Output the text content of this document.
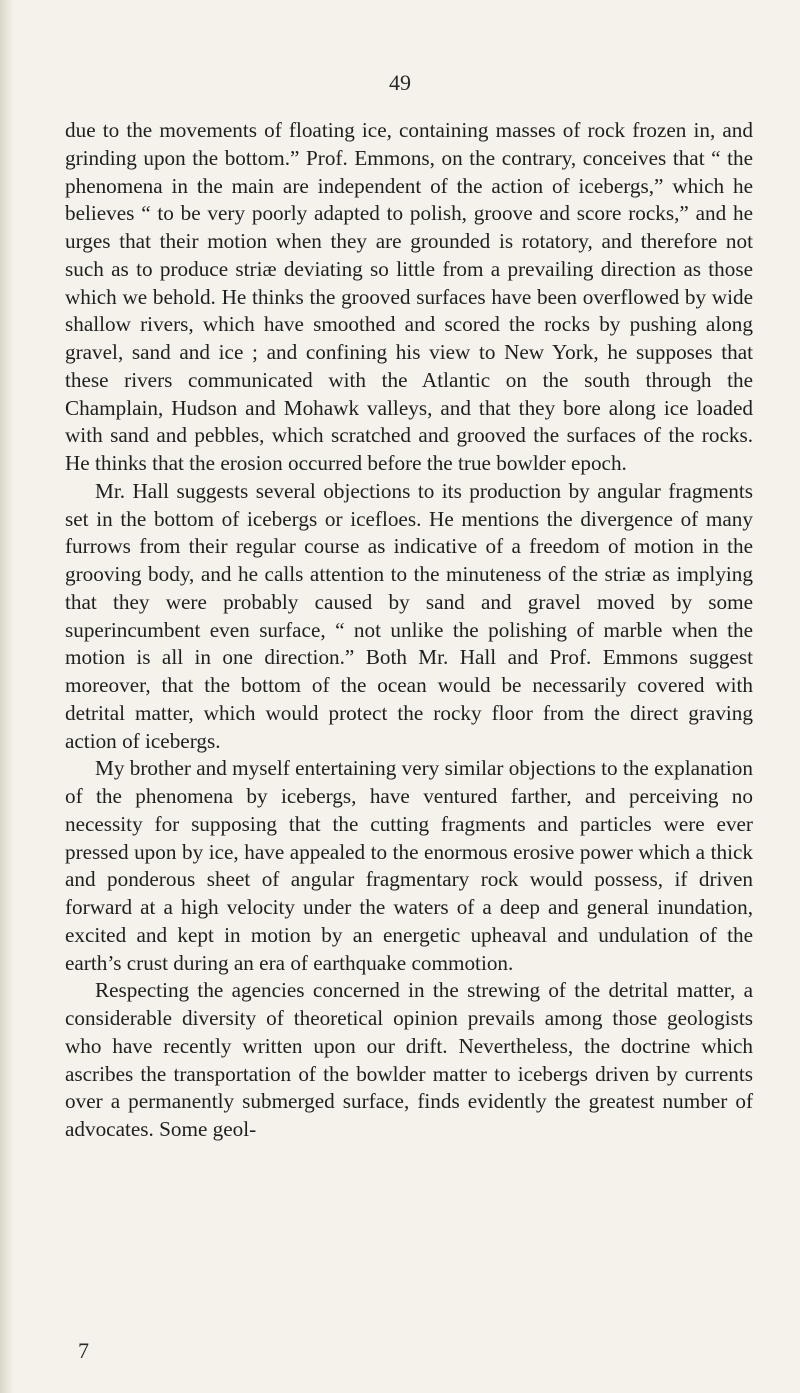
49

due to the movements of floating ice, containing masses of rock frozen in, and grinding upon the bottom.” Prof. Emmons, on the contrary, conceives that “ the phenomena in the main are independent of the action of icebergs,” which he believes “ to be very poorly adapted to polish, groove and score rocks,” and he urges that their motion when they are grounded is rotatory, and therefore not such as to produce striæ deviating so little from a prevailing direction as those which we behold. He thinks the grooved surfaces have been overflowed by wide shallow rivers, which have smoothed and scored the rocks by pushing along gravel, sand and ice ; and confining his view to New York, he supposes that these rivers communicated with the Atlantic on the south through the Champlain, Hudson and Mohawk valleys, and that they bore along ice loaded with sand and pebbles, which scratched and grooved the surfaces of the rocks. He thinks that the erosion occurred before the true bowlder epoch.

Mr. Hall suggests several objections to its production by angular fragments set in the bottom of icebergs or icefloes. He mentions the divergence of many furrows from their regular course as indicative of a freedom of motion in the grooving body, and he calls attention to the minuteness of the striæ as implying that they were probably caused by sand and gravel moved by some superincumbent even surface, “ not unlike the polishing of marble when the motion is all in one direction.” Both Mr. Hall and Prof. Emmons suggest moreover, that the bottom of the ocean would be necessarily covered with detrital matter, which would protect the rocky floor from the direct graving action of icebergs.

My brother and myself entertaining very similar objections to the explanation of the phenomena by icebergs, have ventured farther, and perceiving no necessity for supposing that the cutting fragments and particles were ever pressed upon by ice, have appealed to the enormous erosive power which a thick and ponderous sheet of angular fragmentary rock would possess, if driven forward at a high velocity under the waters of a deep and general inundation, excited and kept in motion by an energetic upheaval and undulation of the earth’s crust during an era of earthquake commotion.

Respecting the agencies concerned in the strewing of the detrital matter, a considerable diversity of theoretical opinion prevails among those geologists who have recently written upon our drift. Nevertheless, the doctrine which ascribes the transportation of the bowlder matter to icebergs driven by currents over a permanently submerged surface, finds evidently the greatest number of advocates. Some geol-

7
